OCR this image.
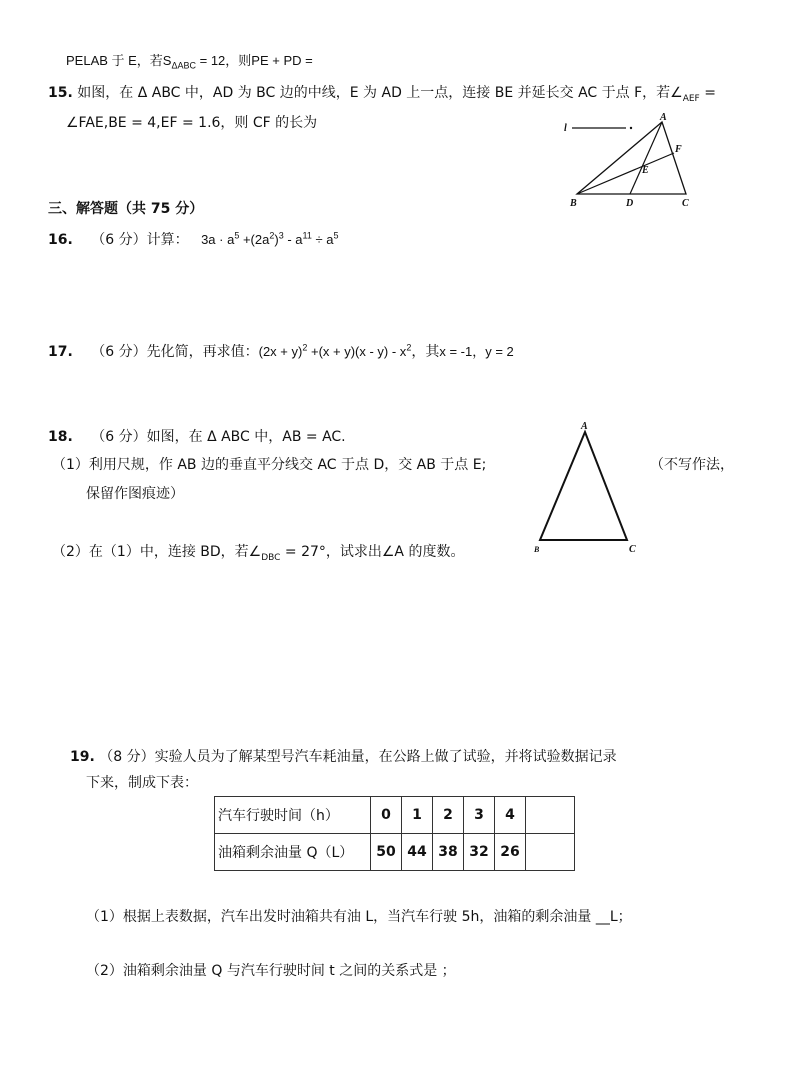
PELAB 于 E，若$S_{\Delta ABC} = 12$，则PE + PD =
15. 如图，在 Δ ABC 中，AD 为 BC 边的中线，E 为 AD 上一点，连接 BE 并延长交 AC 于点 F，若$\angle_{AEF}$ =
∠FAE,BE = 4,EF = 1.6，则 CF 的长为	l
A
B	C
D
E
F
三、解答题（共 75 分）
16. （6 分）计算： $3a \cdot a^5 +(2a^2)^3 - a^{11} \div a^5$
17. （6 分）先化简，再求值：$(2x + y)^2 +(x + y)(x - y) - x^2$，其x = -1，y = 2
18. （6 分）如图，在 Δ ABC 中，AB = AC.
（1）利用尺规，作 AB 边的垂直平分线交 AC 于点 D，交 AB 于点 E;	（不写作法，
保留作图痕迹）
（2）在（1）中，连接 BD，若$\angle_{DBC} = 27^\circ$，试求出∠A 的度数。
A
B	C
19. （8 分）实验人员为了解某型号汽车耗油量，在公路上做了试验，并将试验数据记录
下来，制成下表：
汽车行驶时间（h）	0	1	2	3	4	
油箱剩余油量 Q（L）	50	44	38	32	26	
（1）根据上表数据，汽车出发时油箱共有油 L，当汽车行驶 5h，油箱的剩余油量 __L；
（2）油箱剩余油量 Q 与汽车行驶时间 t 之间的关系式是 ；
